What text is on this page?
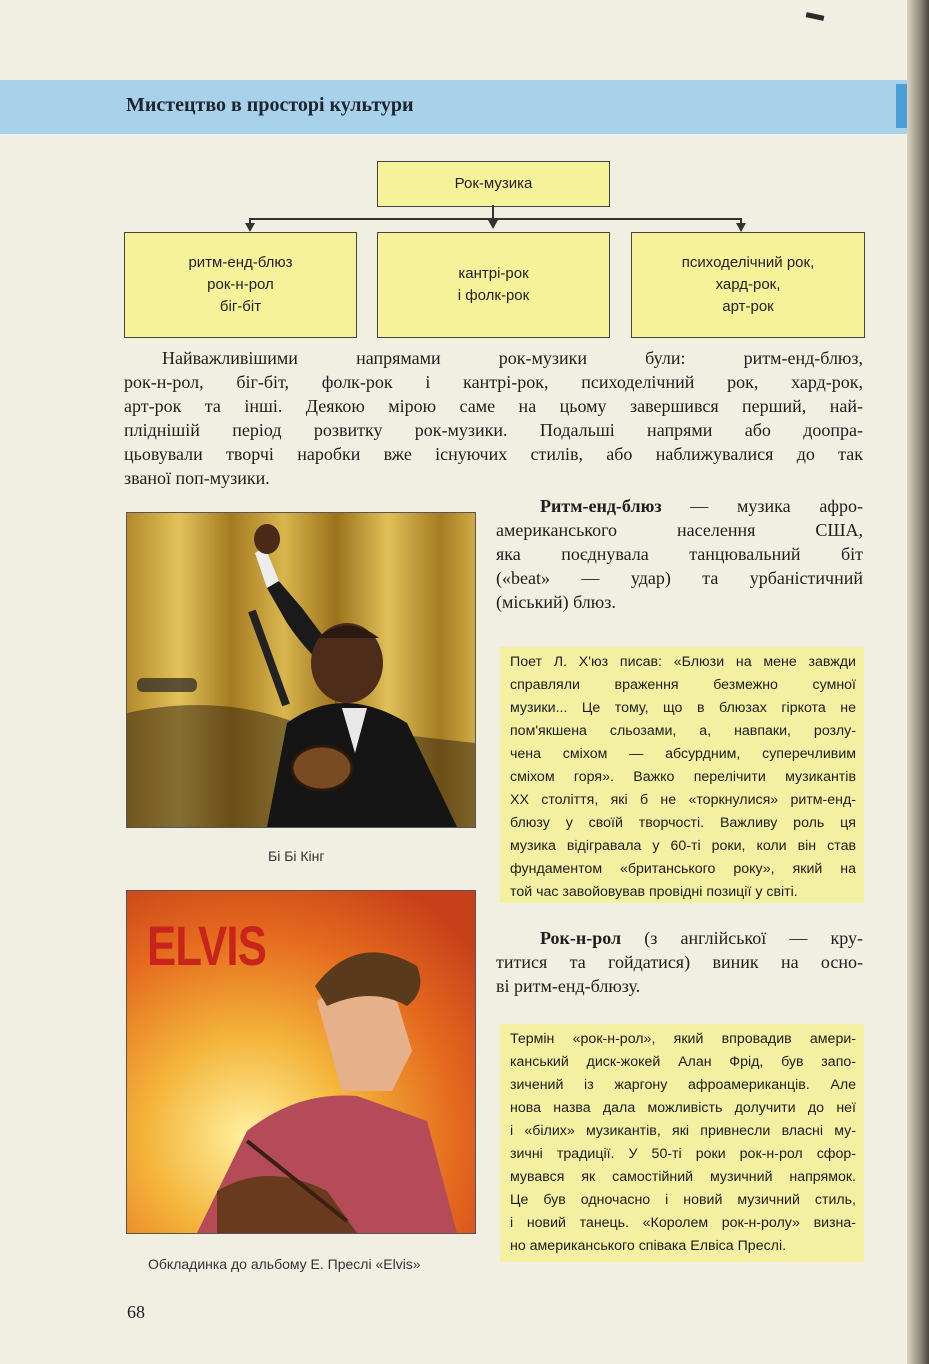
Мистецтво в просторі культури
Рок-музика
ритм-енд-блюз
рок-н-рол
біг-біт
кантрі-рок
і фолк-рок
психоделічний рок,
хард-рок,
арт-рок
Найважливішими напрямами рок-музики були: ритм-енд-блюз,
рок-н-рол, біг-біт, фолк-рок і кантрі-рок, психоделічний рок, хард-рок,
арт-рок та інші. Деякою мірою саме на цьому завершився перший, най-
пліднішій період розвитку рок-музики. Подальші напрями або доопра-
цьовували творчі наробки вже існуючих стилів, або наближувалися до так
званої поп-музики.
Бі Бі Кінг
Ритм-енд-блюз — музика афро-
американського населення США,
яка поєднувала танцювальний біт
(«beat» — удар) та урбаністичний
(міський) блюз.
Поет Л. Х'юз писав: «Блюзи на мене завжди
справляли враження безмежно сумної
музики... Це тому, що в блюзах гіркота не
пом'якшена сльозами, а, навпаки, розлу-
чена сміхом — абсурдним, суперечливим
сміхом горя». Важко перелічити музикантів
XX століття, які б не «торкнулися» ритм-енд-
блюзу у своїй творчості. Важливу роль ця
музика відігравала у 60-ті роки, коли він став
фундаментом «британського року», який на
той час завойовував провідні позиції у світі.
ELVIS
Обкладинка до альбому Е. Преслі «Elvis»
Рок-н-рол (з англійської — кру-
титися та гойдатися) виник на осно-
ві ритм-енд-блюзу.
Термін «рок-н-рол», який впровадив амери-
канський диск-жокей Алан Фрід, був запо-
зичений із жаргону афроамериканців. Але
нова назва дала можливість долучити до неї
і «білих» музикантів, які привнесли власні му-
зичні традиції. У 50-ті роки рок-н-рол сфор-
мувався як самостійний музичний напрямок.
Це був одночасно і новий музичний стиль,
і новий танець. «Королем рок-н-ролу» визна-
но американського співака Елвіса Преслі.
68
